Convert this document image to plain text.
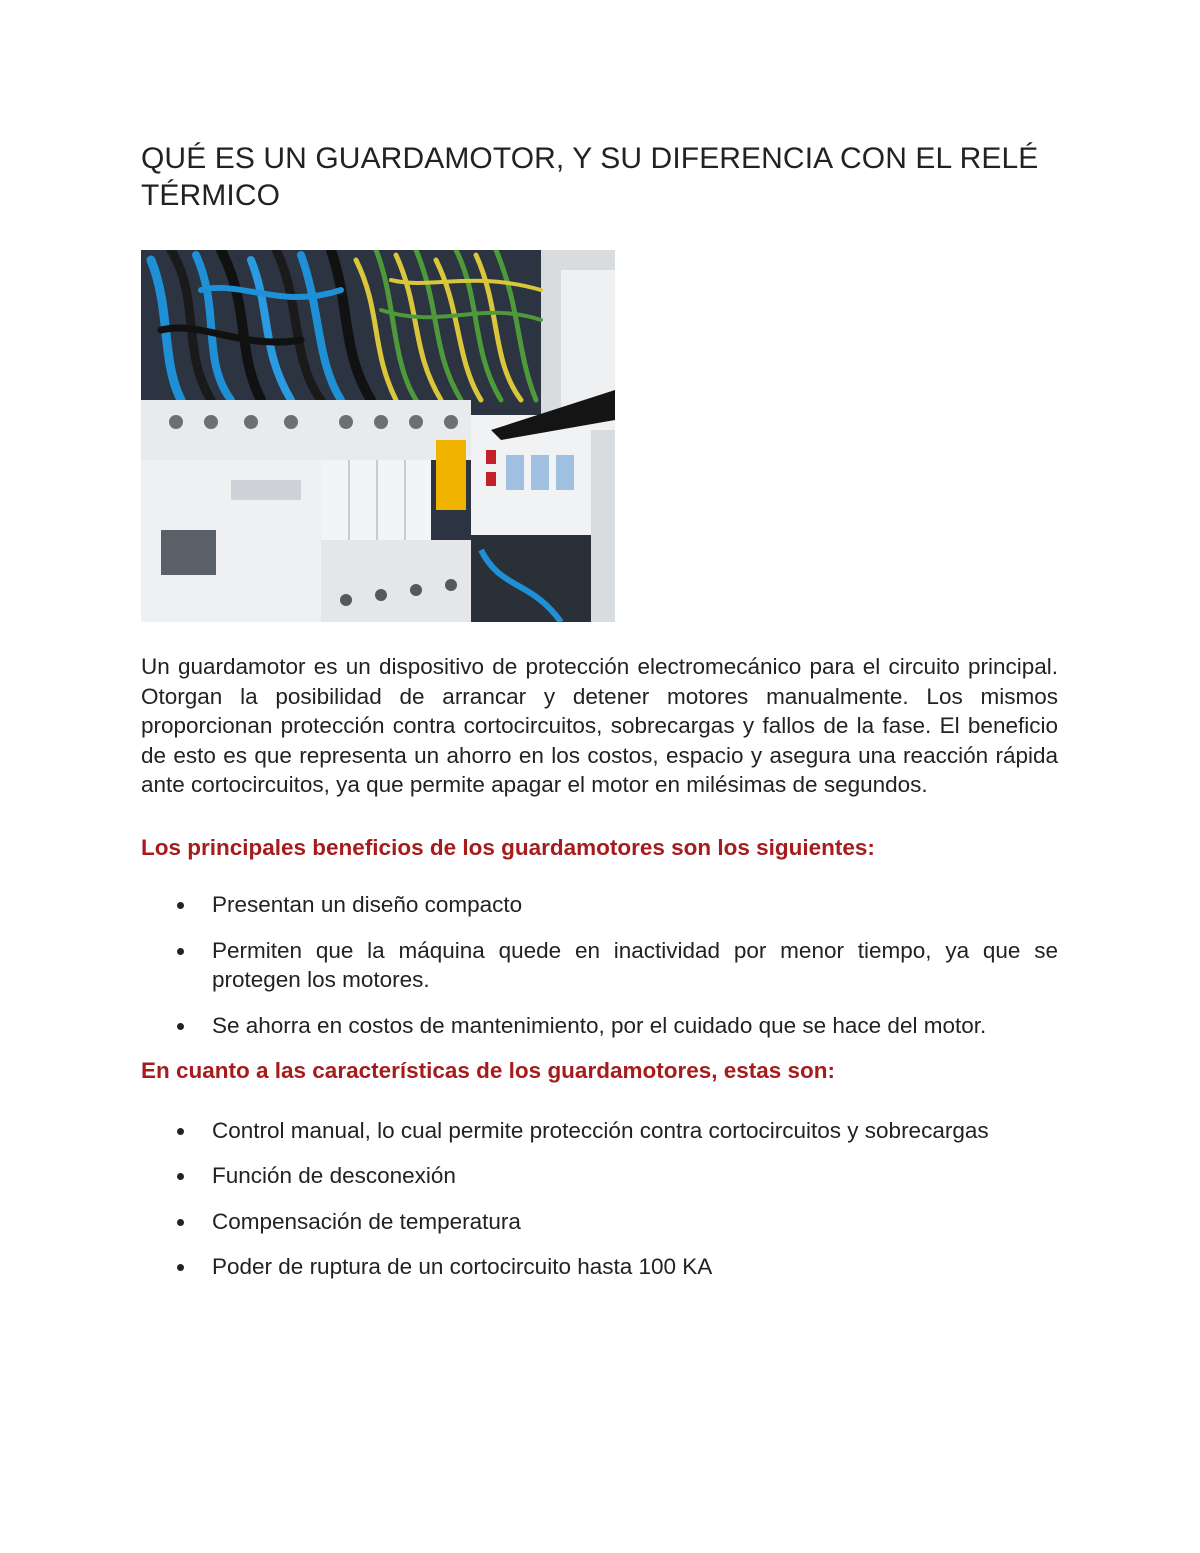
QUÉ ES UN GUARDAMOTOR, Y SU DIFERENCIA CON EL RELÉ TÉRMICO

Un guardamotor es un dispositivo de protección electromecánico para el circuito principal. Otorgan la posibilidad de arrancar y detener motores manualmente. Los mismos proporcionan protección contra cortocircuitos, sobrecargas y fallos de la fase. El beneficio de esto es que representa un ahorro en los costos, espacio y asegura una reacción rápida ante cortocircuitos, ya que permite apagar el motor en milésimas de segundos.

Los principales beneficios de los guardamotores son los siguientes:
Presentan un diseño compacto
Permiten que la máquina quede en inactividad por menor tiempo, ya que se protegen los motores.
Se ahorra en costos de mantenimiento, por el cuidado que se hace del motor.
En cuanto a las características de los guardamotores, estas son:
Control manual, lo cual permite protección contra cortocircuitos y sobrecargas
Función de desconexión
Compensación de temperatura
Poder de ruptura de un cortocircuito hasta 100 KA
